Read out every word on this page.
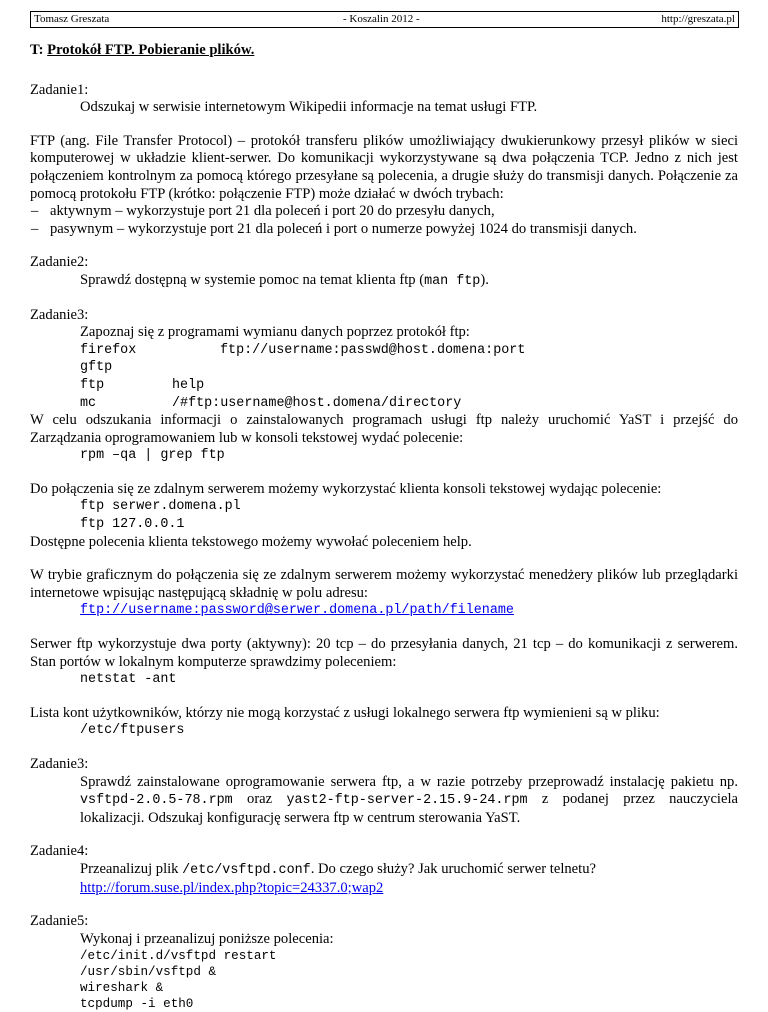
Tomasz Greszata	- Koszalin 2012 -	http://greszata.pl

T: Protokół FTP. Pobieranie plików.

Zadanie1:

Odszukaj w serwisie internetowym Wikipedii informacje na temat usługi FTP.

FTP (ang. File Transfer Protocol) – protokół transferu plików umożliwiający dwukierunkowy przesył plików w sieci komputerowej w układzie klient-serwer. Do komunikacji wykorzystywane są dwa połączenia TCP. Jedno z nich jest połączeniem kontrolnym za pomocą którego przesyłane są polecenia, a drugie służy do transmisji danych. Połączenie za pomocą protokołu FTP (krótko: połączenie FTP) może działać w dwóch trybach:

– aktywnym – wykorzystuje port 21 dla poleceń i port 20 do przesyłu danych,

– pasywnym – wykorzystuje port 21 dla poleceń i port o numerze powyżej 1024 do transmisji danych.

Zadanie2:

Sprawdź dostępną w systemie pomoc na temat klienta ftp (man ftp).

Zadanie3:

Zapoznaj się z programami wymianu danych poprzez protokół ftp:

firefox	ftp://username:passwd@host.domena:port
gftp
ftp	help
mc	/#ftp:username@host.domena/directory

W celu odszukania informacji o zainstalowanych programach usługi ftp należy uruchomić YaST i przejść do Zarządzania oprogramowaniem lub w konsoli tekstowej wydać polecenie:

rpm –qa | grep ftp

Do połączenia się ze zdalnym serwerem możemy wykorzystać klienta konsoli tekstowej wydając polecenie:

ftp serwer.domena.pl

ftp 127.0.0.1

Dostępne polecenia klienta tekstowego możemy wywołać poleceniem help.

W trybie graficznym do połączenia się ze zdalnym serwerem możemy wykorzystać menedżery plików lub przeglądarki internetowe wpisując następującą składnię w polu adresu:

ftp://username:password@serwer.domena.pl/path/filename

Serwer ftp wykorzystuje dwa porty (aktywny): 20 tcp – do przesyłania danych, 21 tcp – do komunikacji z serwerem. Stan portów w lokalnym komputerze sprawdzimy poleceniem:

netstat -ant

Lista kont użytkowników, którzy nie mogą korzystać z usługi lokalnego serwera ftp wymienieni są w pliku:

/etc/ftpusers

Zadanie3:

Sprawdź zainstalowane oprogramowanie serwera ftp, a w razie potrzeby przeprowadź instalację pakietu np. vsftpd-2.0.5-78.rpm oraz yast2-ftp-server-2.15.9-24.rpm z podanej przez nauczyciela lokalizacji. Odszukaj konfigurację serwera ftp w centrum sterowania YaST.

Zadanie4:

Przeanalizuj plik /etc/vsftpd.conf. Do czego służy? Jak uruchomić serwer telnetu?

http://forum.suse.pl/index.php?topic=24337.0;wap2

Zadanie5:

Wykonaj i przeanalizuj poniższe polecenia:

/etc/init.d/vsftpd restart

/usr/sbin/vsftpd &

wireshark &

tcpdump -i eth0
